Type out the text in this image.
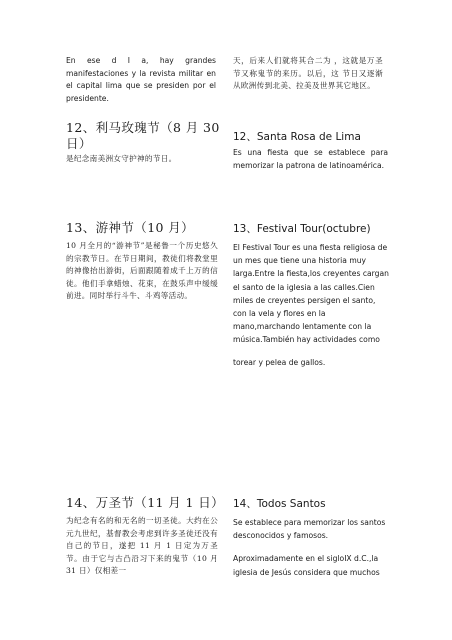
En ese d I a, hay grandes manifestaciones y la revista militar en el capital lima que se presiden por el presidente.

12、利马玫瑰节（8 月 30 日）

是纪念南美洲女守护神的节日。

13、游神节（10 月）

10 月全月的“游神节”是秘鲁一个历史悠久的宗教节日。在节日期间，教徒们将教堂里的神像抬出游街，后面跟随着成千上万的信徒。他们手拿蜡烛、花束，在鼓乐声中缓缓前进。同时举行斗牛、斗鸡等活动。

14、万圣节（11 月 1 日）

为纪念有名的和无名的一切圣徒。大约在公元九世纪，基督教会考虑到许多圣徒还没有自己的节日，遂把 11 月 1 日定为万圣节。由于它与古凸沿习下来的鬼节（10 月 31 日）仅相差一

天，后来人们就将其合二为 ，这就是万圣节又称鬼节的来历。以后，这 节日又逐渐从欧洲传到北美、拉美及世界其它地区。

12、Santa Rosa de Lima

Es una fiesta que se establece para memorizar la patrona de latinoamérica.

13、Festival Tour(octubre)

El Festival Tour es una fiesta religiosa de un mes que tiene una historia muy larga.Entre la fiesta,los creyentes cargan el santo de la iglesia a las calles.Cien miles de creyentes persigen el santo, con la vela y flores en la mano,marchando lentamente con la música.También hay actividades como

torear y pelea de gallos.

14、Todos Santos

Se establece para memorizar los santos desconocidos y famosos.

Aproximadamente en el sigloIX d.C.,la iglesia de Jesús considera que muchos
